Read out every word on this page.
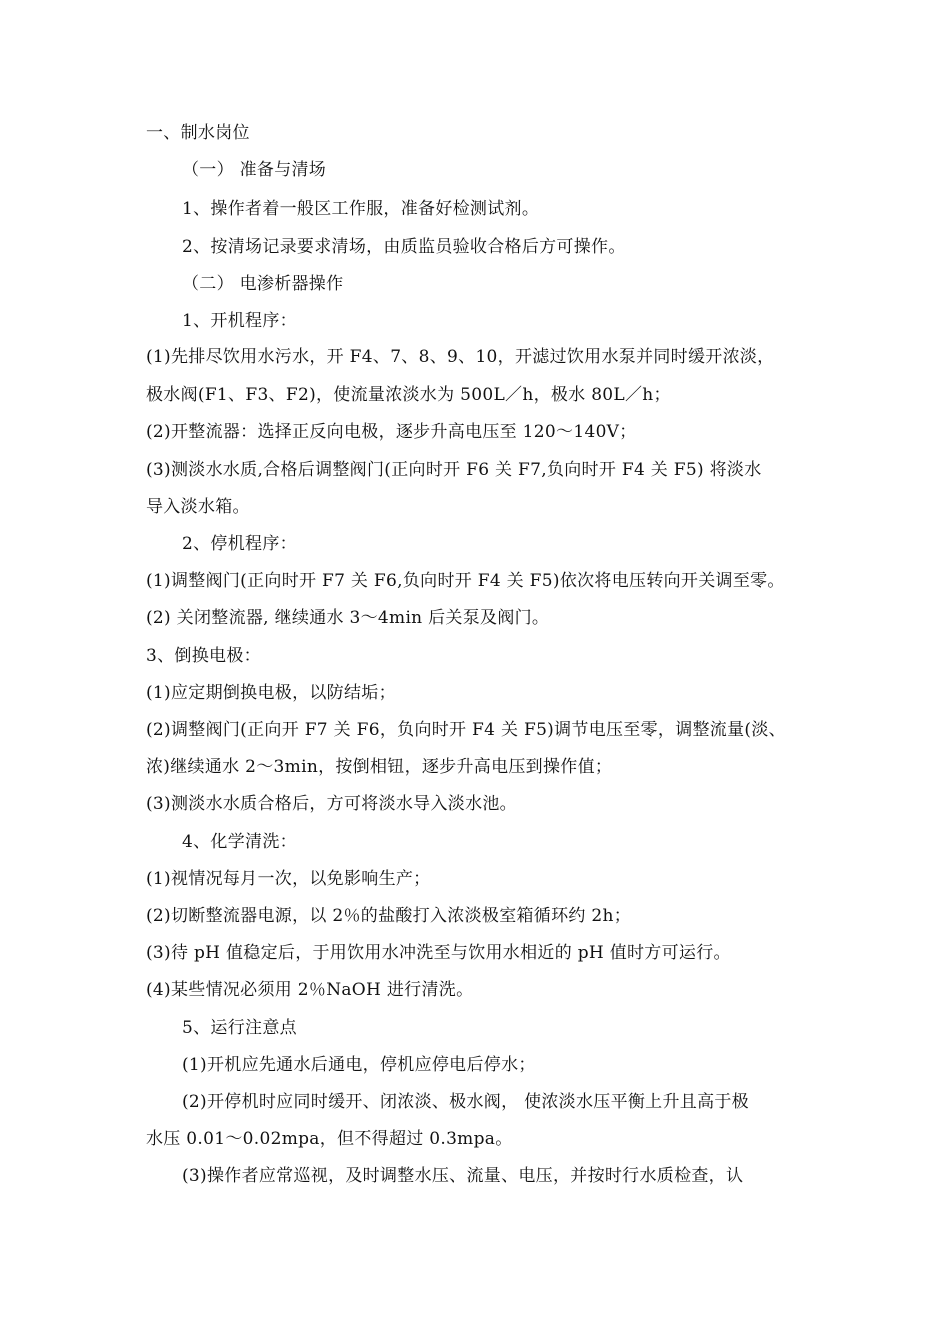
一、制水岗位
（一） 准备与清场
1、操作者着一般区工作服，准备好检测试剂。
2、按清场记录要求清场，由质监员验收合格后方可操作。
（二） 电渗析器操作
1、开机程序：
(1)先排尽饮用水污水，开 F4、7、8、9、10，开滤过饮用水泵并同时缓开浓淡，
极水阀(F1、F3、F2)，使流量浓淡水为 500L／h，极水 80L／h；
(2)开整流器：选择正反向电极，逐步升高电压至 120～140V；
(3)测淡水水质,合格后调整阀门(正向时开 F6 关 F7,负向时开 F4 关 F5) 将淡水
导入淡水箱。
2、停机程序：
(1)调整阀门(正向时开 F7 关 F6,负向时开 F4 关 F5)依次将电压转向开关调至零。
(2) 关闭整流器, 继续通水 3～4min 后关泵及阀门。
3、倒换电极：
(1)应定期倒换电极，以防结垢；
(2)调整阀门(正向开 F7 关 F6，负向时开 F4 关 F5)调节电压至零，调整流量(淡、
浓)继续通水 2～3min，按倒相钮，逐步升高电压到操作值；
(3)测淡水水质合格后，方可将淡水导入淡水池。
4、化学清洗：
(1)视情况每月一次，以免影响生产；
(2)切断整流器电源，以 2％的盐酸打入浓淡极室箱循环约 2h；
(3)待 pH 值稳定后，于用饮用水冲洗至与饮用水相近的 pH 值时方可运行。
(4)某些情况必须用 2％NaOH 进行清洗。
5、运行注意点
(1)开机应先通水后通电，停机应停电后停水；
(2)开停机时应同时缓开、闭浓淡、极水阀， 使浓淡水压平衡上升且高于极
水压 0.01～0.02mpa，但不得超过 0.3mpa。
(3)操作者应常巡视，及时调整水压、流量、电压，并按时行水质检查，认
